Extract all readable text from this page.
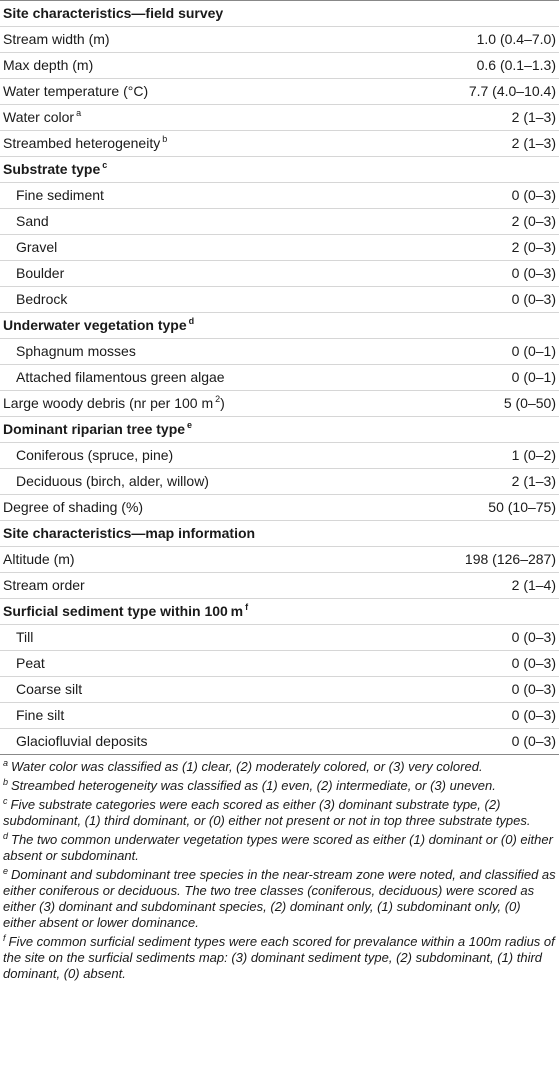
Site characteristics—field survey	
Stream width (m)	1.0 (0.4–7.0)
Max depth (m)	0.6 (0.1–1.3)
Water temperature (°C)	7.7 (4.0–10.4)
Water color $^a$	2 (1–3)
Streambed heterogeneity $^b$	2 (1–3)
Substrate type $^c$	
Fine sediment	0 (0–3)
Sand	2 (0–3)
Gravel	2 (0–3)
Boulder	0 (0–3)
Bedrock	0 (0–3)
Underwater vegetation type $^d$	
Sphagnum mosses	0 (0–1)
Attached filamentous green algae	0 (0–1)
Large woody debris (nr per 100 m $^2$)	5 (0–50)
Dominant riparian tree type $^e$	
Coniferous (spruce, pine)	1 (0–2)
Deciduous (birch, alder, willow)	2 (1–3)
Degree of shading (%)	50 (10–75)
Site characteristics—map information	
Altitude (m)	198 (126–287)
Stream order	2 (1–4)
Surficial sediment type within 100 m $^f$	
Till	0 (0–3)
Peat	0 (0–3)
Coarse silt	0 (0–3)
Fine silt	0 (0–3)
Glaciofluvial deposits	0 (0–3)

$^a$ Water color was classified as (1) clear, (2) moderately colored, or (3) very colored.

$^b$ Streambed heterogeneity was classified as (1) even, (2) intermediate, or (3) uneven.

$^c$ Five substrate categories were each scored as either (3) dominant substrate type, (2) subdominant, (1) third dominant, or (0) either not present or not in top three substrate types.

$^d$ The two common underwater vegetation types were scored as either (1) dominant or (0) either absent or subdominant.

$^e$ Dominant and subdominant tree species in the near-stream zone were noted, and classified as either coniferous or deciduous. The two tree classes (coniferous, deciduous) were scored as either (3) dominant and subdominant species, (2) dominant only, (1) subdominant only, (0) either absent or lower dominance.

$^f$ Five common surficial sediment types were each scored for prevalance within a 100m radius of the site on the surficial sediments map: (3) dominant sediment type, (2) subdominant, (1) third dominant, (0) absent.
